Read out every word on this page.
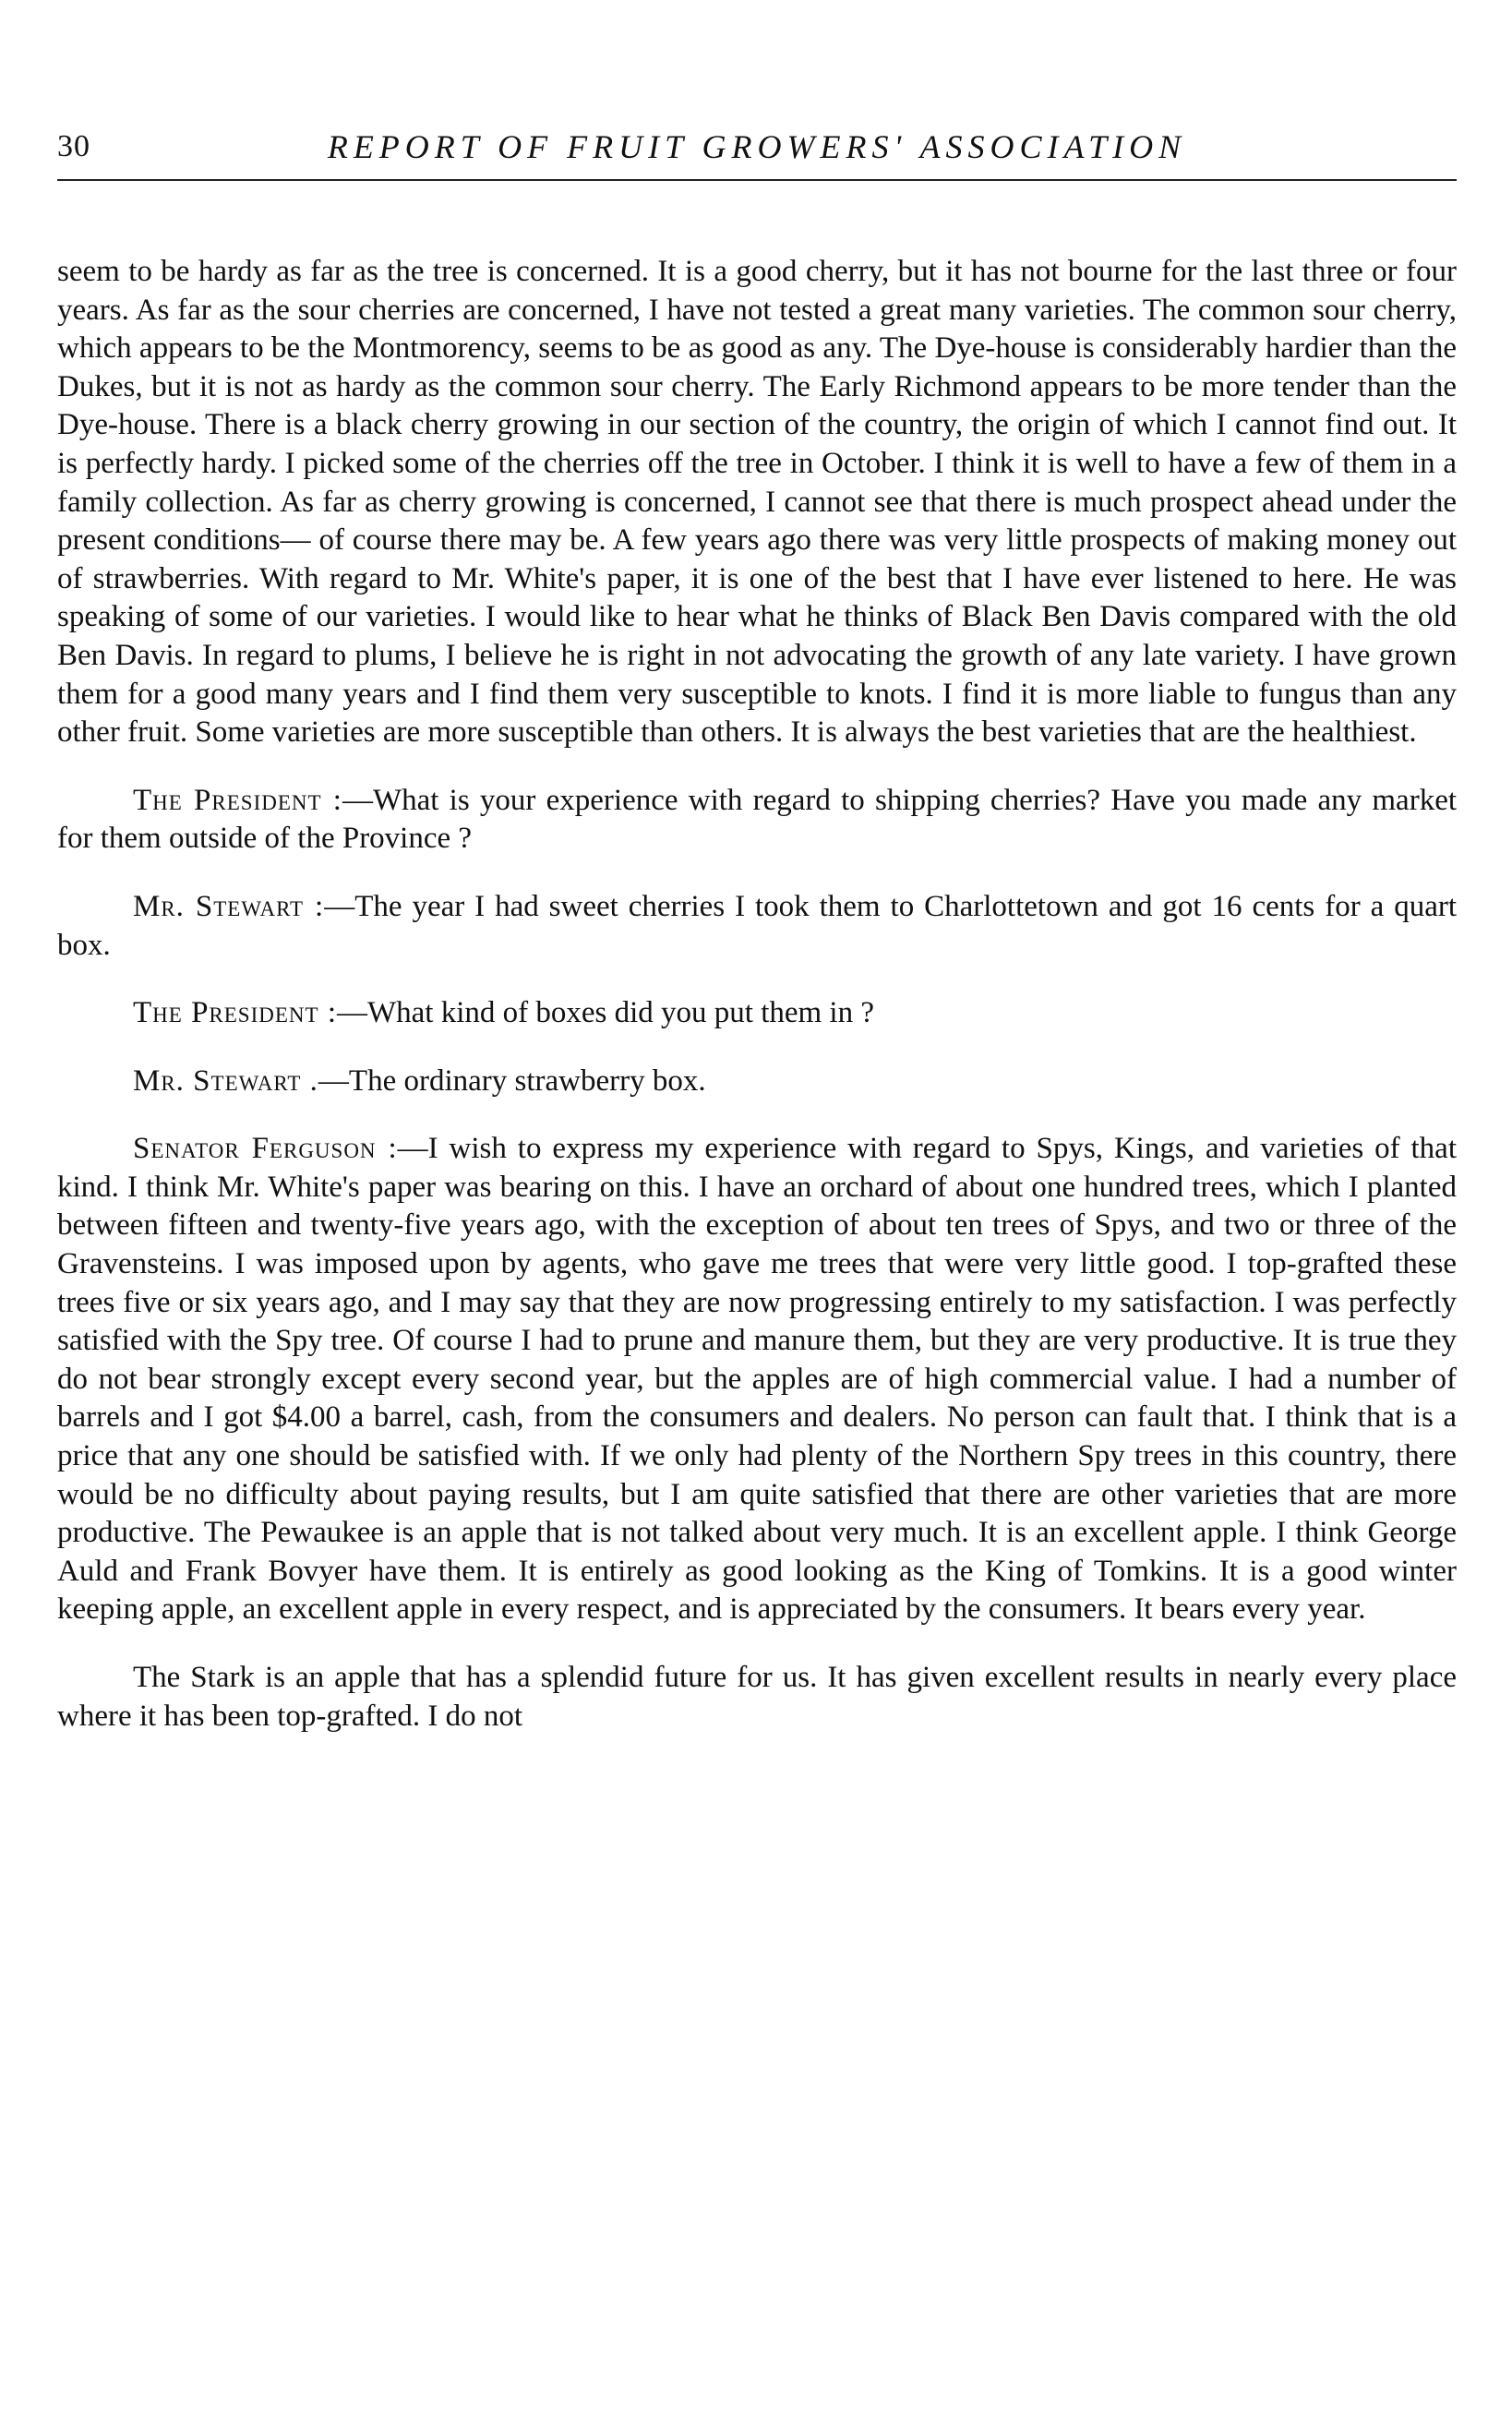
30	REPORT OF FRUIT GROWERS' ASSOCIATION

seem to be hardy as far as the tree is concerned. It is a good cherry, but it has not bourne for the last three or four years. As far as the sour cherries are concerned, I have not tested a great many varieties. The common sour cherry, which appears to be the Montmorency, seems to be as good as any. The Dye-house is considerably hardier than the Dukes, but it is not as hardy as the common sour cherry. The Early Richmond appears to be more tender than the Dye-house. There is a black cherry growing in our section of the country, the origin of which I cannot find out. It is perfectly hardy. I picked some of the cherries off the tree in October. I think it is well to have a few of them in a family collection. As far as cherry growing is concerned, I cannot see that there is much prospect ahead under the present conditions— of course there may be. A few years ago there was very little prospects of making money out of strawberries. With regard to Mr. White's paper, it is one of the best that I have ever listened to here. He was speaking of some of our varieties. I would like to hear what he thinks of Black Ben Davis compared with the old Ben Davis. In regard to plums, I believe he is right in not advocating the growth of any late variety. I have grown them for a good many years and I find them very susceptible to knots. I find it is more liable to fungus than any other fruit. Some varieties are more susceptible than others. It is always the best varieties that are the healthiest.

The President :—What is your experience with regard to shipping cherries? Have you made any market for them outside of the Province ?

Mr. Stewart :—The year I had sweet cherries I took them to Charlottetown and got 16 cents for a quart box.

The President :—What kind of boxes did you put them in ?

Mr. Stewart .—The ordinary strawberry box.

Senator Ferguson :—I wish to express my experience with regard to Spys, Kings, and varieties of that kind. I think Mr. White's paper was bearing on this. I have an orchard of about one hundred trees, which I planted between fifteen and twenty-five years ago, with the exception of about ten trees of Spys, and two or three of the Gravensteins. I was imposed upon by agents, who gave me trees that were very little good. I top-grafted these trees five or six years ago, and I may say that they are now progressing entirely to my satisfaction. I was perfectly satisfied with the Spy tree. Of course I had to prune and manure them, but they are very productive. It is true they do not bear strongly except every second year, but the apples are of high commercial value. I had a number of barrels and I got $4.00 a barrel, cash, from the consumers and dealers. No person can fault that. I think that is a price that any one should be satisfied with. If we only had plenty of the Northern Spy trees in this country, there would be no difficulty about paying results, but I am quite satisfied that there are other varieties that are more productive. The Pewaukee is an apple that is not talked about very much. It is an excellent apple. I think George Auld and Frank Bovyer have them. It is entirely as good looking as the King of Tomkins. It is a good winter keeping apple, an excellent apple in every respect, and is appreciated by the consumers. It bears every year.

The Stark is an apple that has a splendid future for us. It has given excellent results in nearly every place where it has been top-grafted. I do not
